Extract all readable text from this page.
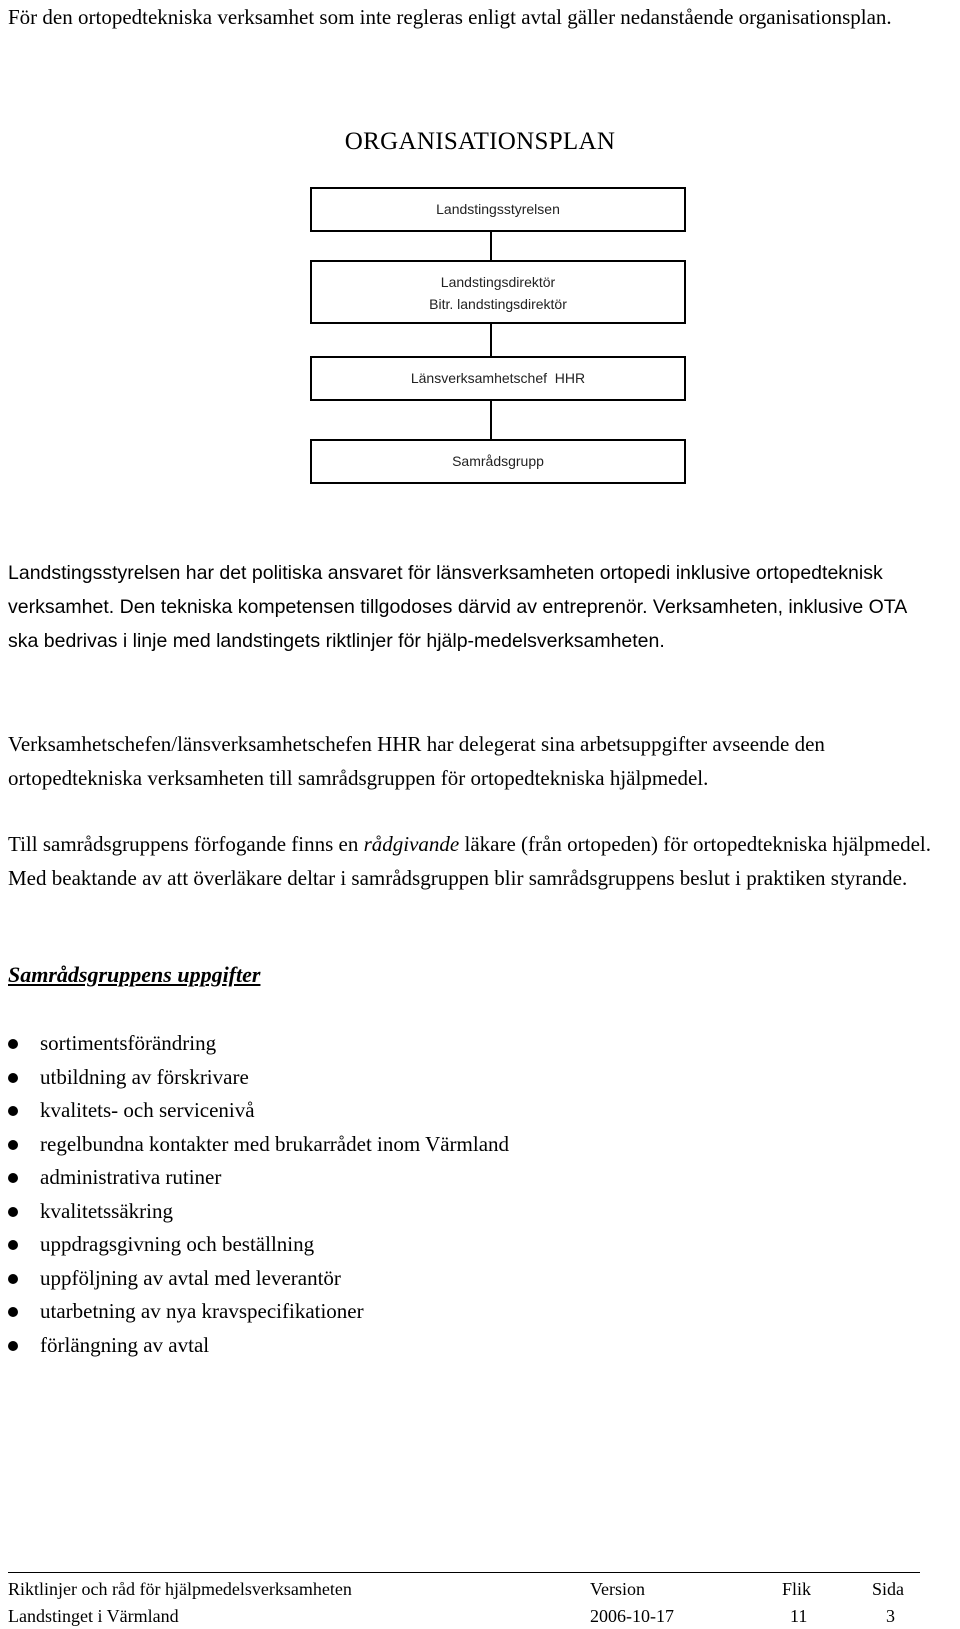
För den ortopedtekniska verksamhet som inte regleras enligt avtal gäller nedanstående organisationsplan.

ORGANISATIONSPLAN
Landstingsstyrelsen
Landstingsdirektör
Bitr. landstingsdirektör
Länsverksamhetschef  HHR
Samrådsgrupp

Landstingsstyrelsen har det politiska ansvaret för länsverksamheten ortopedi inklusive ortopedteknisk verksamhet. Den tekniska kompetensen tillgodoses därvid av entreprenör. Verksamheten, inklusive OTA ska bedrivas i linje med landstingets riktlinjer för hjälp-medelsverksamheten.

Verksamhetschefen/länsverksamhetschefen HHR har delegerat sina arbetsuppgifter avseende den ortopedtekniska verksamheten till samrådsgruppen för ortopedtekniska hjälpmedel.

Till samrådsgruppens förfogande finns en rådgivande läkare (från ortopeden) för ortopedtekniska hjälpmedel. Med beaktande av att överläkare deltar i samrådsgruppen blir samrådsgruppens beslut i praktiken styrande.

Samrådsgruppens uppgifter
sortimentsförändring
utbildning av förskrivare
kvalitets- och servicenivå
regelbundna kontakter med brukarrådet inom Värmland
administrativa rutiner
kvalitetssäkring
uppdragsgivning och beställning
uppföljning av avtal med leverantör
utarbetning av nya kravspecifikationer
förlängning av avtal
Riktlinjer och råd för hjälpmedelsverksamheten
Landstinget i Värmland
Version
2006-10-17
Flik
11
Sida
3
